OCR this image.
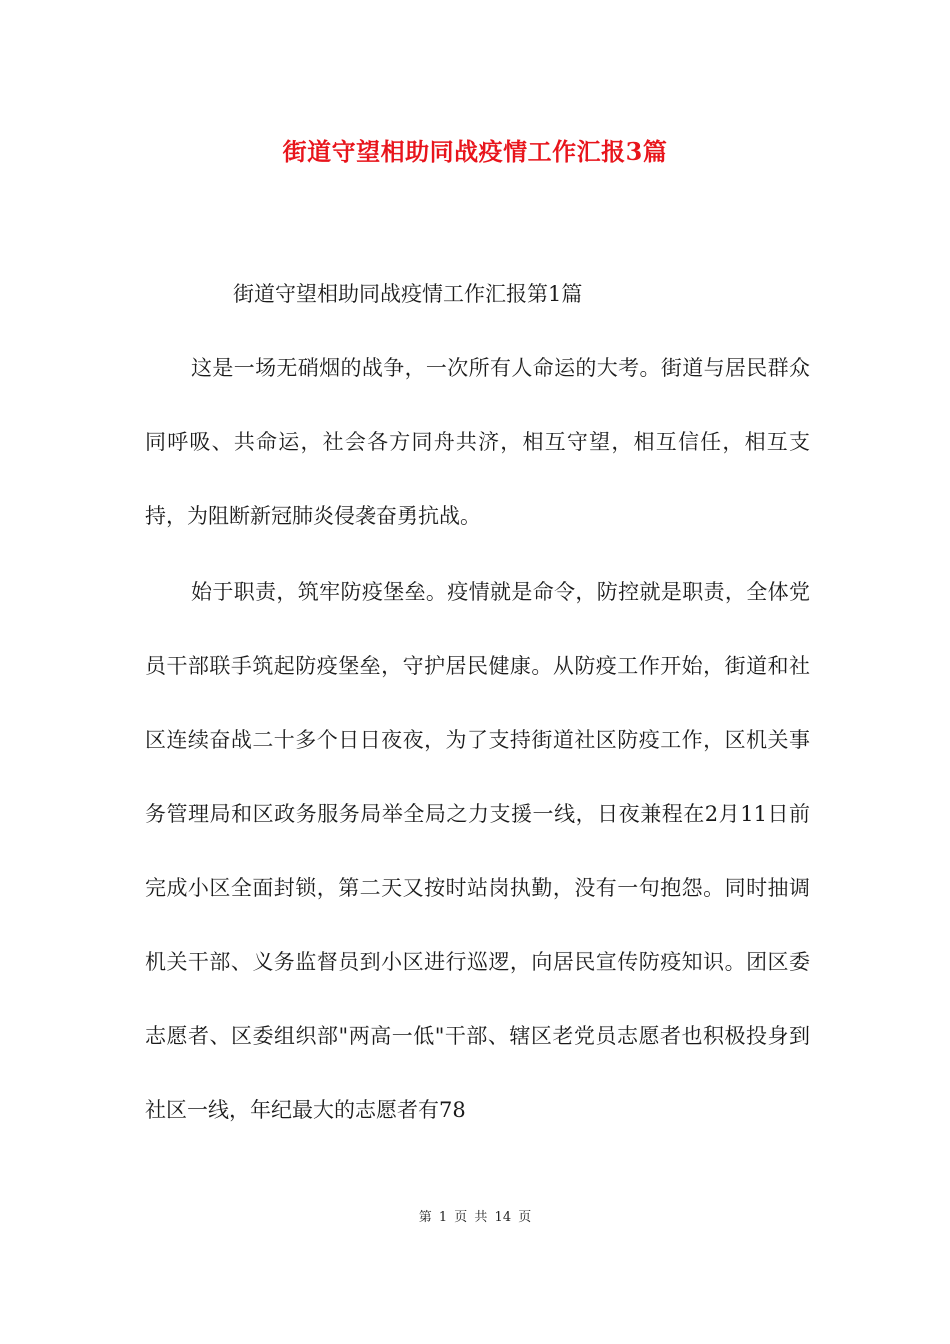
街道守望相助同战疫情工作汇报3篇

街道守望相助同战疫情工作汇报第1篇

这是一场无硝烟的战争，一次所有人命运的大考。街道与居民群众同呼吸、共命运，社会各方同舟共济，相互守望，相互信任，相互支持，为阻断新冠肺炎侵袭奋勇抗战。

始于职责，筑牢防疫堡垒。疫情就是命令，防控就是职责，全体党员干部联手筑起防疫堡垒，守护居民健康。从防疫工作开始，街道和社区连续奋战二十多个日日夜夜，为了支持街道社区防疫工作，区机关事务管理局和区政务服务局举全局之力支援一线，日夜兼程在2月11日前完成小区全面封锁，第二天又按时站岗执勤，没有一句抱怨。同时抽调机关干部、义务监督员到小区进行巡逻，向居民宣传防疫知识。团区委志愿者、区委组织部"两高一低"干部、辖区老党员志愿者也积极投身到社区一线，年纪最大的志愿者有78

第 1 页 共 14 页
